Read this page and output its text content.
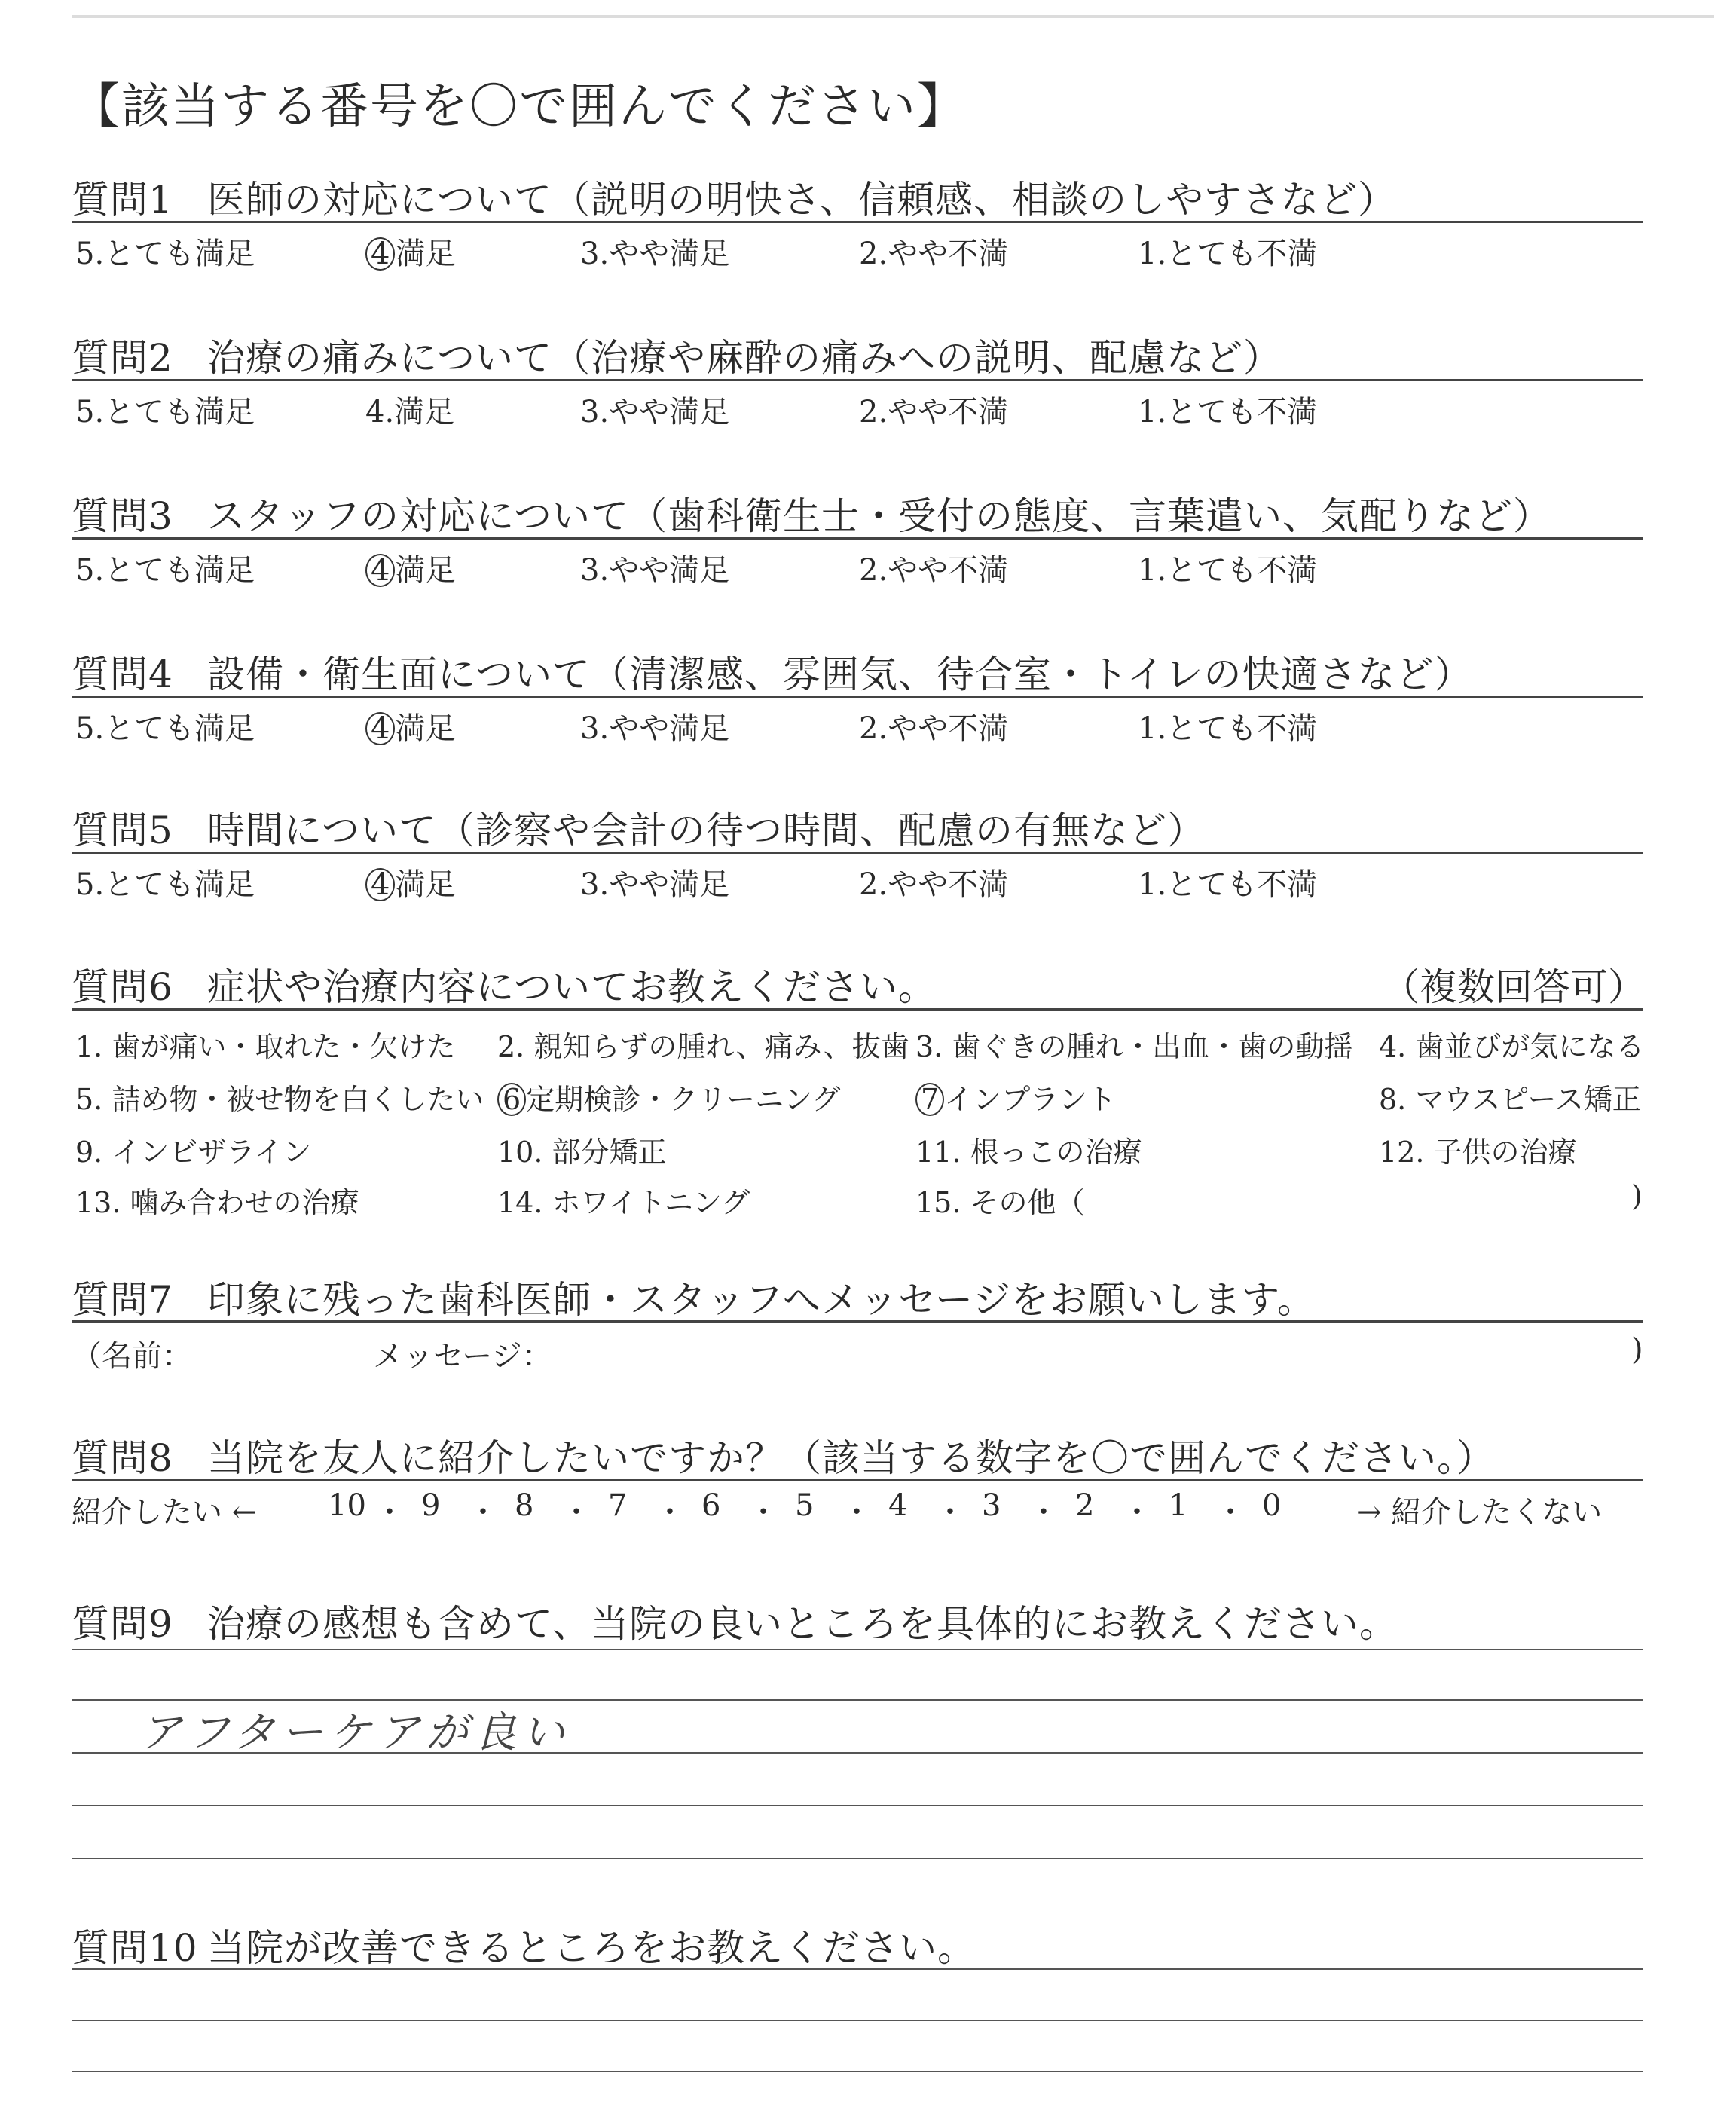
【該当する番号を〇で囲んでください】
質問1 医師の対応について（説明の明快さ、信頼感、相談のしやすさなど）
5.とても満足	4 満足	3.やや満足	2.やや不満	1.とても不満
質問2 治療の痛みについて（治療や麻酔の痛みへの説明、配慮など）
5.とても満足	4.満足	3.やや満足	2.やや不満	1.とても不満
質問3 スタッフの対応について（歯科衛生士・受付の態度、言葉遣い、気配りなど）
5.とても満足	4 満足	3.やや満足	2.やや不満	1.とても不満
質問4 設備・衛生面について（清潔感、雰囲気、待合室・トイレの快適さなど）
5.とても満足	4 満足	3.やや満足	2.やや不満	1.とても不満
質問5 時間について（診察や会計の待つ時間、配慮の有無など）
5.とても満足	4 満足	3.やや満足	2.やや不満	1.とても不満
質問6 症状や治療内容についてお教えください。	（複数回答可）
1. 歯が痛い・取れた・欠けた 2. 親知らずの腫れ、痛み、抜歯 3. 歯ぐきの腫れ・出血・歯の動揺 4. 歯並びが気になる
5. 詰め物・被せ物を白くしたい 6 定期検診・クリーニング	7 インプラント	8. マウスピース矯正
9. インビザライン	10. 部分矯正	11. 根っこの治療	12. 子供の治療
13. 噛み合わせの治療	14. ホワイトニング	15. その他（	)
質問7 印象に残った歯科医師・スタッフへメッセージをお願いします。
（名前：	メッセージ：	)
質問8 当院を友人に紹介したいですか？（該当する数字を〇で囲んでください。）
紹介したい ←	→ 紹介したくない
10 ・ 9 ・ 8 ・ 7 ・ 6 ・ 5 ・ 4 ・ 3 ・ 2 ・ 1 ・ 0
質問9 治療の感想も含めて、当院の良いところを具体的にお教えください。
アフターケアが良い
質問10 当院が改善できるところをお教えください。
